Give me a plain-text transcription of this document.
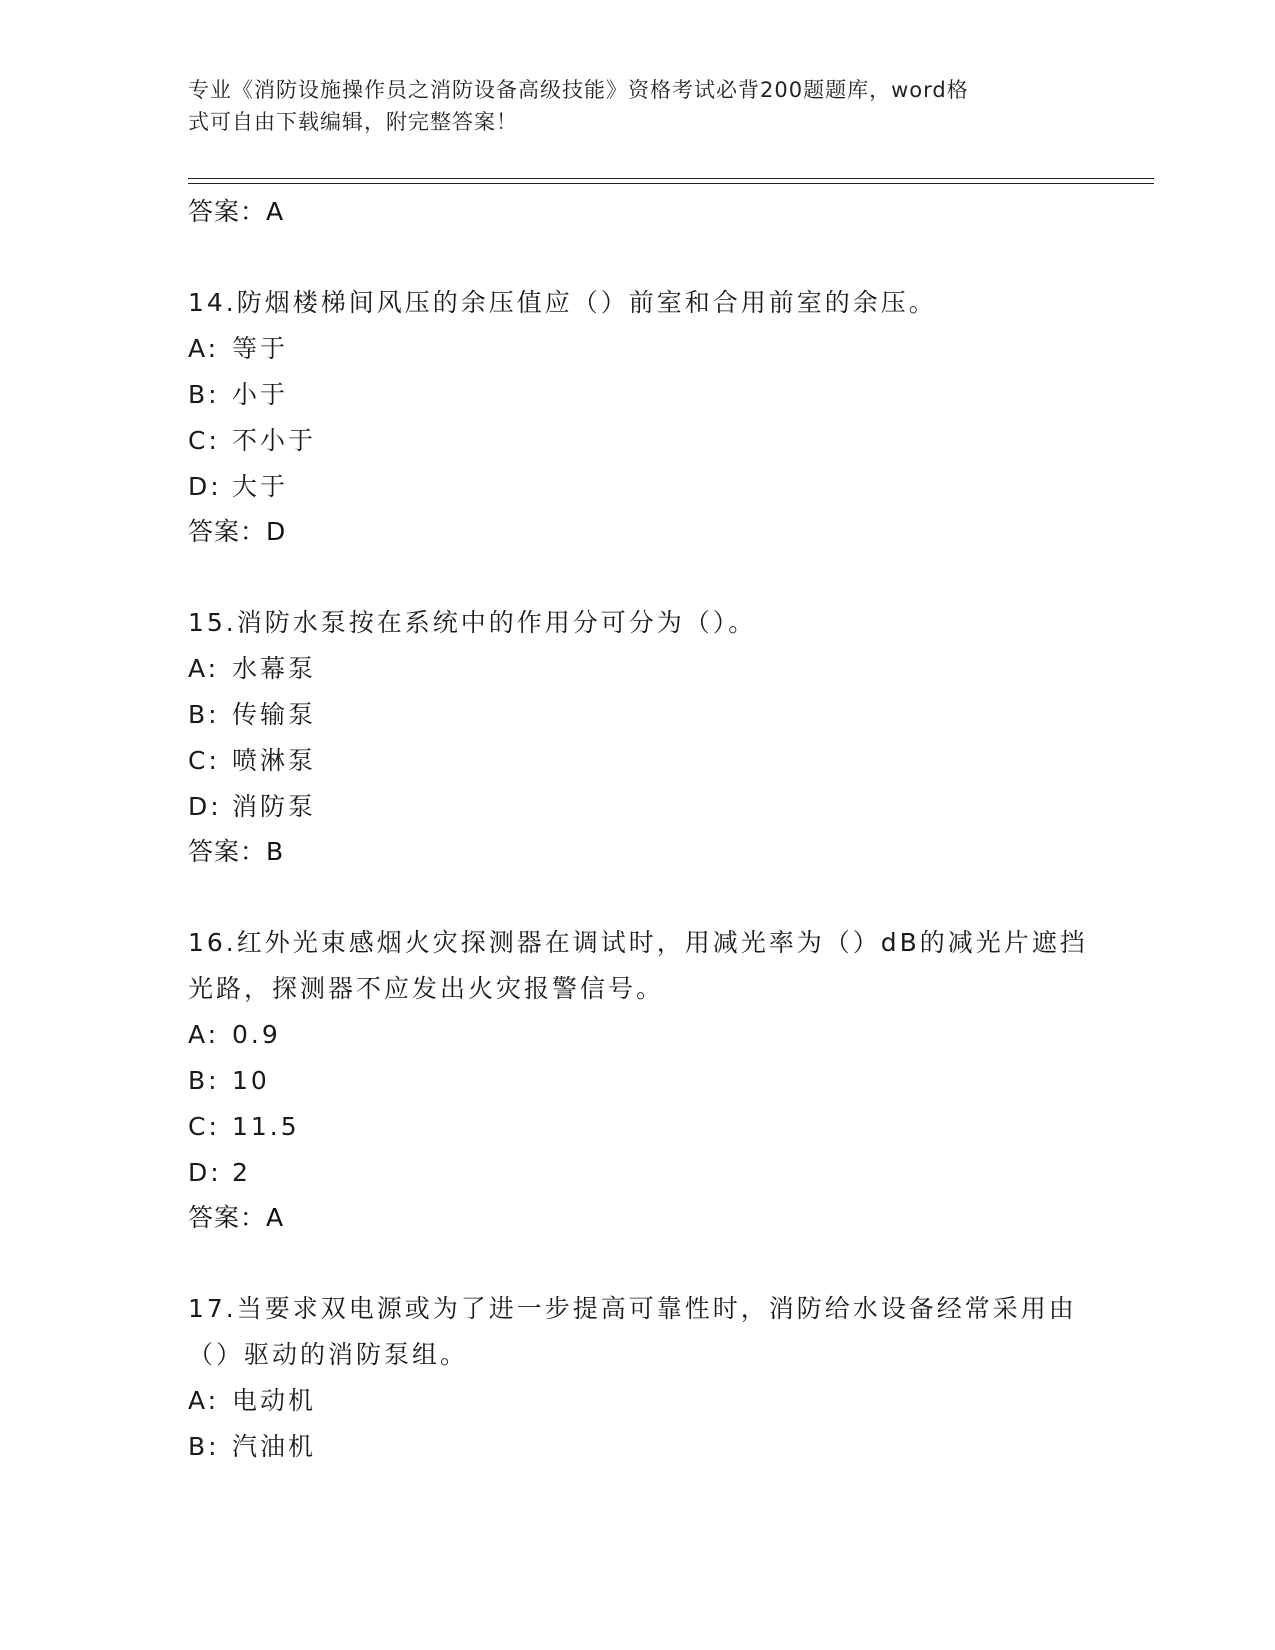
专业《消防设施操作员之消防设备高级技能》资格考试必背200题题库，word格
式可自由下载编辑，附完整答案！
答案：A

14.防烟楼梯间风压的余压值应（）前室和合用前室的余压。

A: 等于
B: 小于
C: 不小于
D: 大于
答案：D

15.消防水泵按在系统中的作用分可分为（）。

A: 水幕泵
B: 传输泵
C: 喷淋泵
D: 消防泵
答案：B

16.红外光束感烟火灾探测器在调试时，用减光率为（）dB的减光片遮挡光路，探测器不应发出火灾报警信号。

A: 0.9
B: 10
C: 11.5
D: 2
答案：A

17.当要求双电源或为了进一步提高可靠性时，消防给水设备经常采用由（）驱动的消防泵组。

A: 电动机
B: 汽油机
